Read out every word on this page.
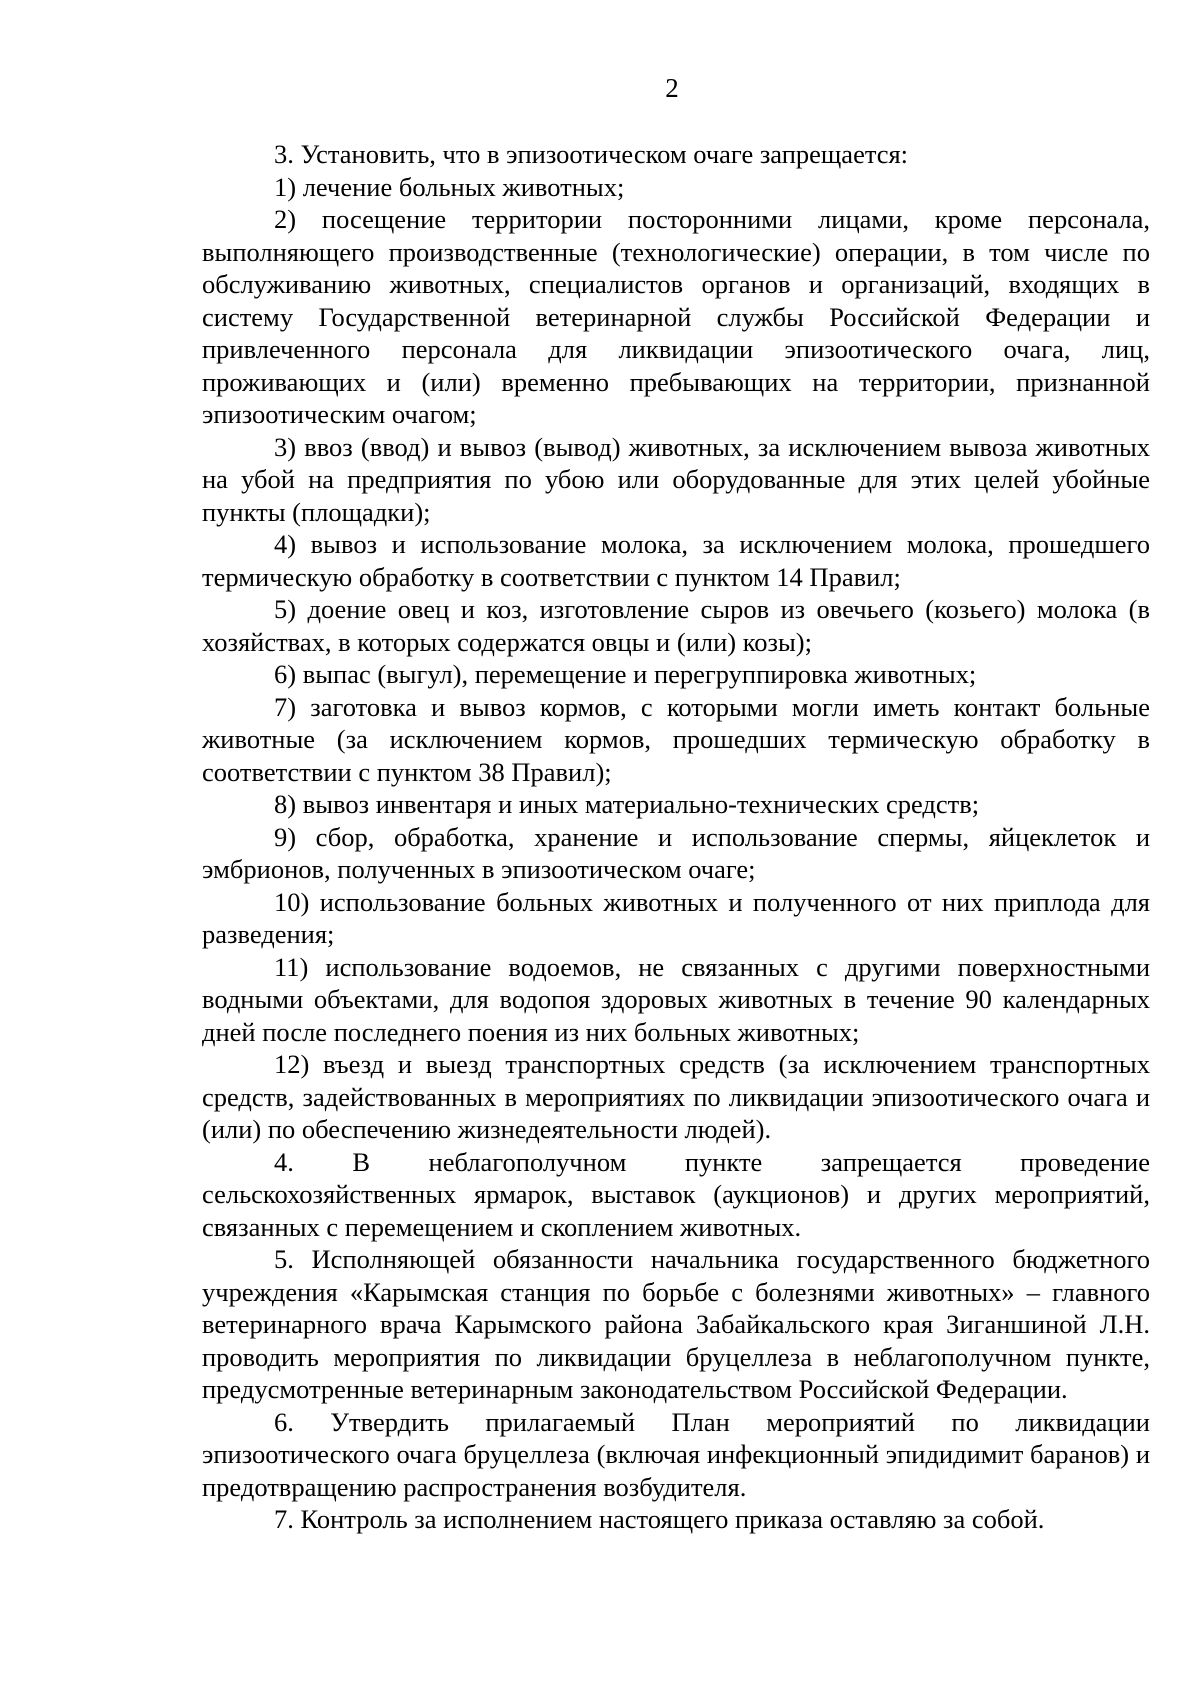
2

3. Установить, что в эпизоотическом очаге запрещается:

1) лечение больных животных;

2) посещение территории посторонними лицами, кроме персонала, выполняющего производственные (технологические) операции, в том числе по обслуживанию животных, специалистов органов и организаций, входящих в систему Государственной ветеринарной службы Российской Федерации и привлеченного персонала для ликвидации эпизоотического очага, лиц, проживающих и (или) временно пребывающих на территории, признанной эпизоотическим очагом;

3) ввоз (ввод) и вывоз (вывод) животных, за исключением вывоза животных на убой на предприятия по убою или оборудованные для этих целей убойные пункты (площадки);

4) вывоз и использование молока, за исключением молока, прошедшего термическую обработку в соответствии с пунктом 14 Правил;

5) доение овец и коз, изготовление сыров из овечьего (козьего) молока (в хозяйствах, в которых содержатся овцы и (или) козы);

6) выпас (выгул), перемещение и перегруппировка животных;

7) заготовка и вывоз кормов, с которыми могли иметь контакт больные животные (за исключением кормов, прошедших термическую обработку в соответствии с пунктом 38 Правил);

8) вывоз инвентаря и иных материально-технических средств;

9) сбор, обработка, хранение и использование спермы, яйцеклеток и эмбрионов, полученных в эпизоотическом очаге;

10) использование больных животных и полученного от них приплода для разведения;

11) использование водоемов, не связанных с другими поверхностными водными объектами, для водопоя здоровых животных в течение 90 календарных дней после последнего поения из них больных животных;

12) въезд и выезд транспортных средств (за исключением транспортных средств, задействованных в мероприятиях по ликвидации эпизоотического очага и (или) по обеспечению жизнедеятельности людей).

4. В неблагополучном пункте запрещается проведение сельскохозяйственных ярмарок, выставок (аукционов) и других мероприятий, связанных с перемещением и скоплением животных.

5. Исполняющей обязанности начальника государственного бюджетного учреждения «Карымская станция по борьбе с болезнями животных» – главного ветеринарного врача Карымского района Забайкальского края Зиганшиной Л.Н. проводить мероприятия по ликвидации бруцеллеза в неблагополучном пункте, предусмотренные ветеринарным законодательством Российской Федерации.

6. Утвердить прилагаемый План мероприятий по ликвидации эпизоотического очага бруцеллеза (включая инфекционный эпидидимит баранов) и предотвращению распространения возбудителя.

7. Контроль за исполнением настоящего приказа оставляю за собой.
